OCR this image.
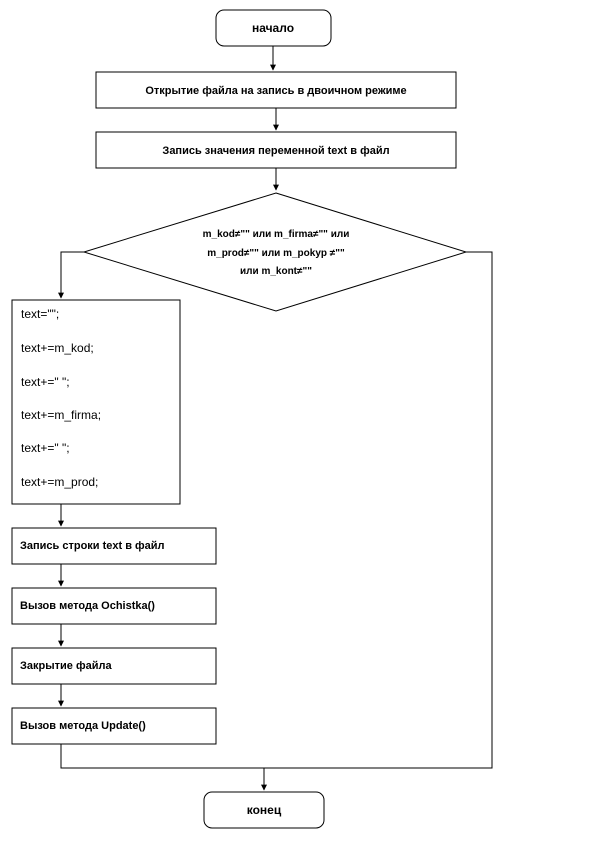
начало
Открытие файла на запись в двоичном режиме
Запись значения переменной text в файл
m_kod≠"" или m_firma≠"" или
m_prod≠"" или m_pokyp ≠""
или m_kont≠""
text="";
text+=m_kod;
text+=" ";
text+=m_firma;
text+=" ";
text+=m_prod;
Запись строки text в файл
Вызов метода Ochistka()
Закрытие файла
Вызов метода Update()
конец
